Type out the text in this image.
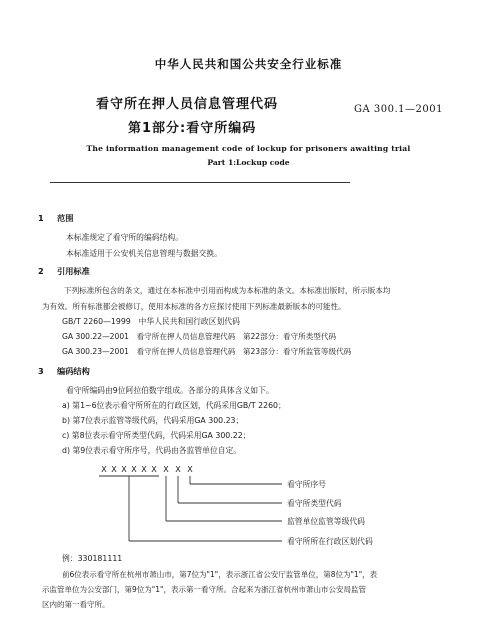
中华人民共和国公共安全行业标准
看守所在押人员信息管理代码
第1部分:看守所编码
GA 300.1—2001
The information management code of lockup for prisoners awaiting trial
Part 1:Lockup code
1 范围
本标准规定了看守所的编码结构。
本标准适用于公安机关信息管理与数据交换。
2 引用标准
下列标准所包含的条文，通过在本标准中引用而构成为本标准的条文。本标准出版时，所示版本均
为有效。所有标准都会被修订，使用本标准的各方应探讨使用下列标准最新版本的可能性。
GB/T 2260—1999　中华人民共和国行政区划代码
GA 300.22—2001　看守所在押人员信息管理代码　第22部分：看守所类型代码
GA 300.23—2001　看守所在押人员信息管理代码　第23部分：看守所监管等级代码
3 编码结构
看守所编码由9位阿拉伯数字组成。各部分的具体含义如下。
a) 第1~6位表示看守所所在的行政区划，代码采用GB/T 2260；
b) 第7位表示监管等级代码，代码采用GA 300.23；
c) 第8位表示看守所类型代码，代码采用GA 300.22；
d) 第9位表示看守所序号，代码由各监管单位自定。
X X X X X X X X X
看守所序号
看守所类型代码
监管单位监管等级代码
看守所所在行政区划代码
例：330181111
前6位表示看守所在杭州市萧山市，第7位为"1"，表示浙江省公安厅监管单位，第8位为"1"，表
示监管单位为公安部门，第9位为"1"，表示第一看守所。合起来为浙江省杭州市萧山市公安局监管
区内的第一看守所。
